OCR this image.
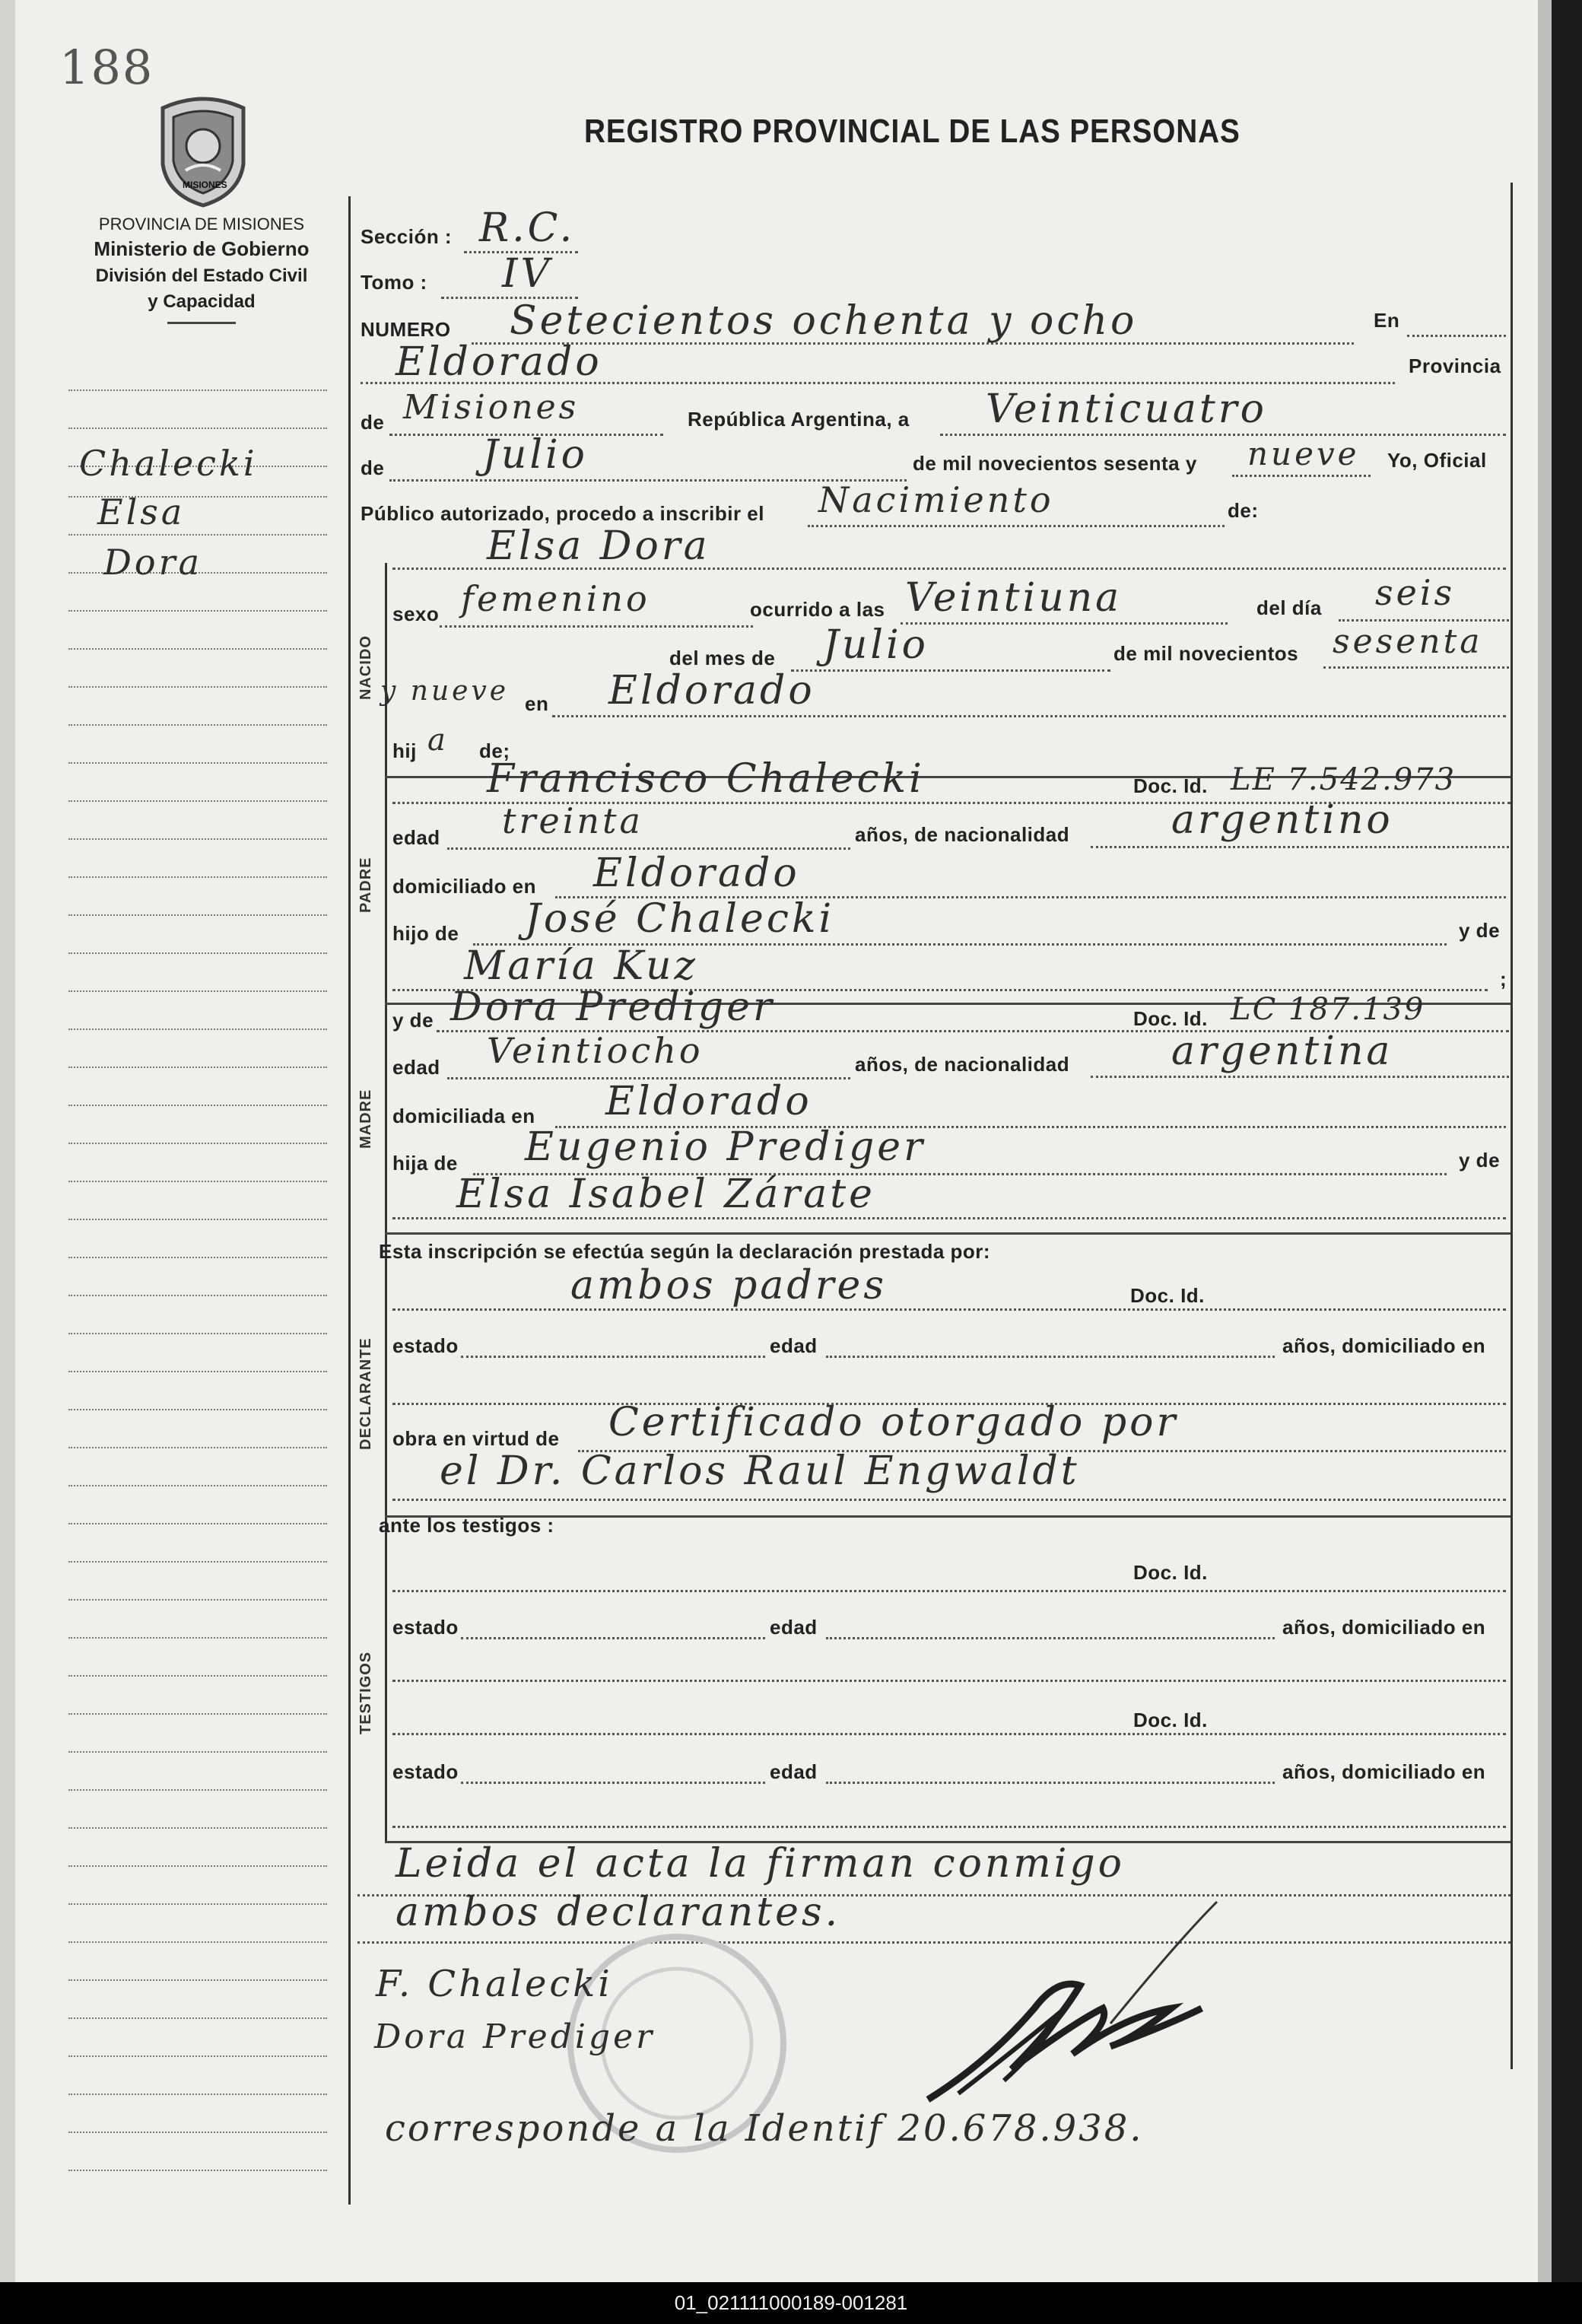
188
MISIONES
PROVINCIA DE MISIONES
Ministerio de Gobierno
División del Estado Civil
y Capacidad
REGISTRO PROVINCIAL DE LAS PERSONAS
Chalecki
Elsa
Dora
NACIDO
PADRE
MADRE
DECLARANTE
TESTIGOS
Sección : R.C.
Tomo : IV
NUMERO Setecientos ochenta y ocho	En
Eldorado	Provincia
de Misiones	República Argentina, a Veinticuatro
de Julio	de mil novecientos sesenta y nueve Yo, Oficial
Público autorizado, procedo a inscribir el Nacimiento	de:
Elsa Dora
sexo femenino	ocurrido a las Veintiuna	del día seis
del mes de Julio	de mil novecientos sesenta
y nueve en Eldorado
hij a de;
Francisco Chalecki	Doc. Id. LE 7.542.973
edad treinta	años, de nacionalidad	argentino
domiciliado en Eldorado
hijo de José Chalecki	y de
María Kuz	;
y de Dora Prediger	Doc. Id. LC 187.139
edad Veintiocho	años, de nacionalidad	argentina
domiciliada en Eldorado
hija de Eugenio Prediger	y de
Elsa Isabel Zárate
Esta inscripción se efectúa según la declaración prestada por:
ambos padres	Doc. Id.
estado	edad	años, domiciliado en
obra en virtud de Certificado otorgado por
el Dr. Carlos Raul Engwaldt
ante los testigos :
Doc. Id.
estado	edad	años, domiciliado en
Doc. Id.
estado	edad	años, domiciliado en
Leida el acta la firman conmigo
ambos declarantes.
F. Chalecki
Dora Prediger
corresponde a la Identif 20.678.938.
01_021111000189-001281
